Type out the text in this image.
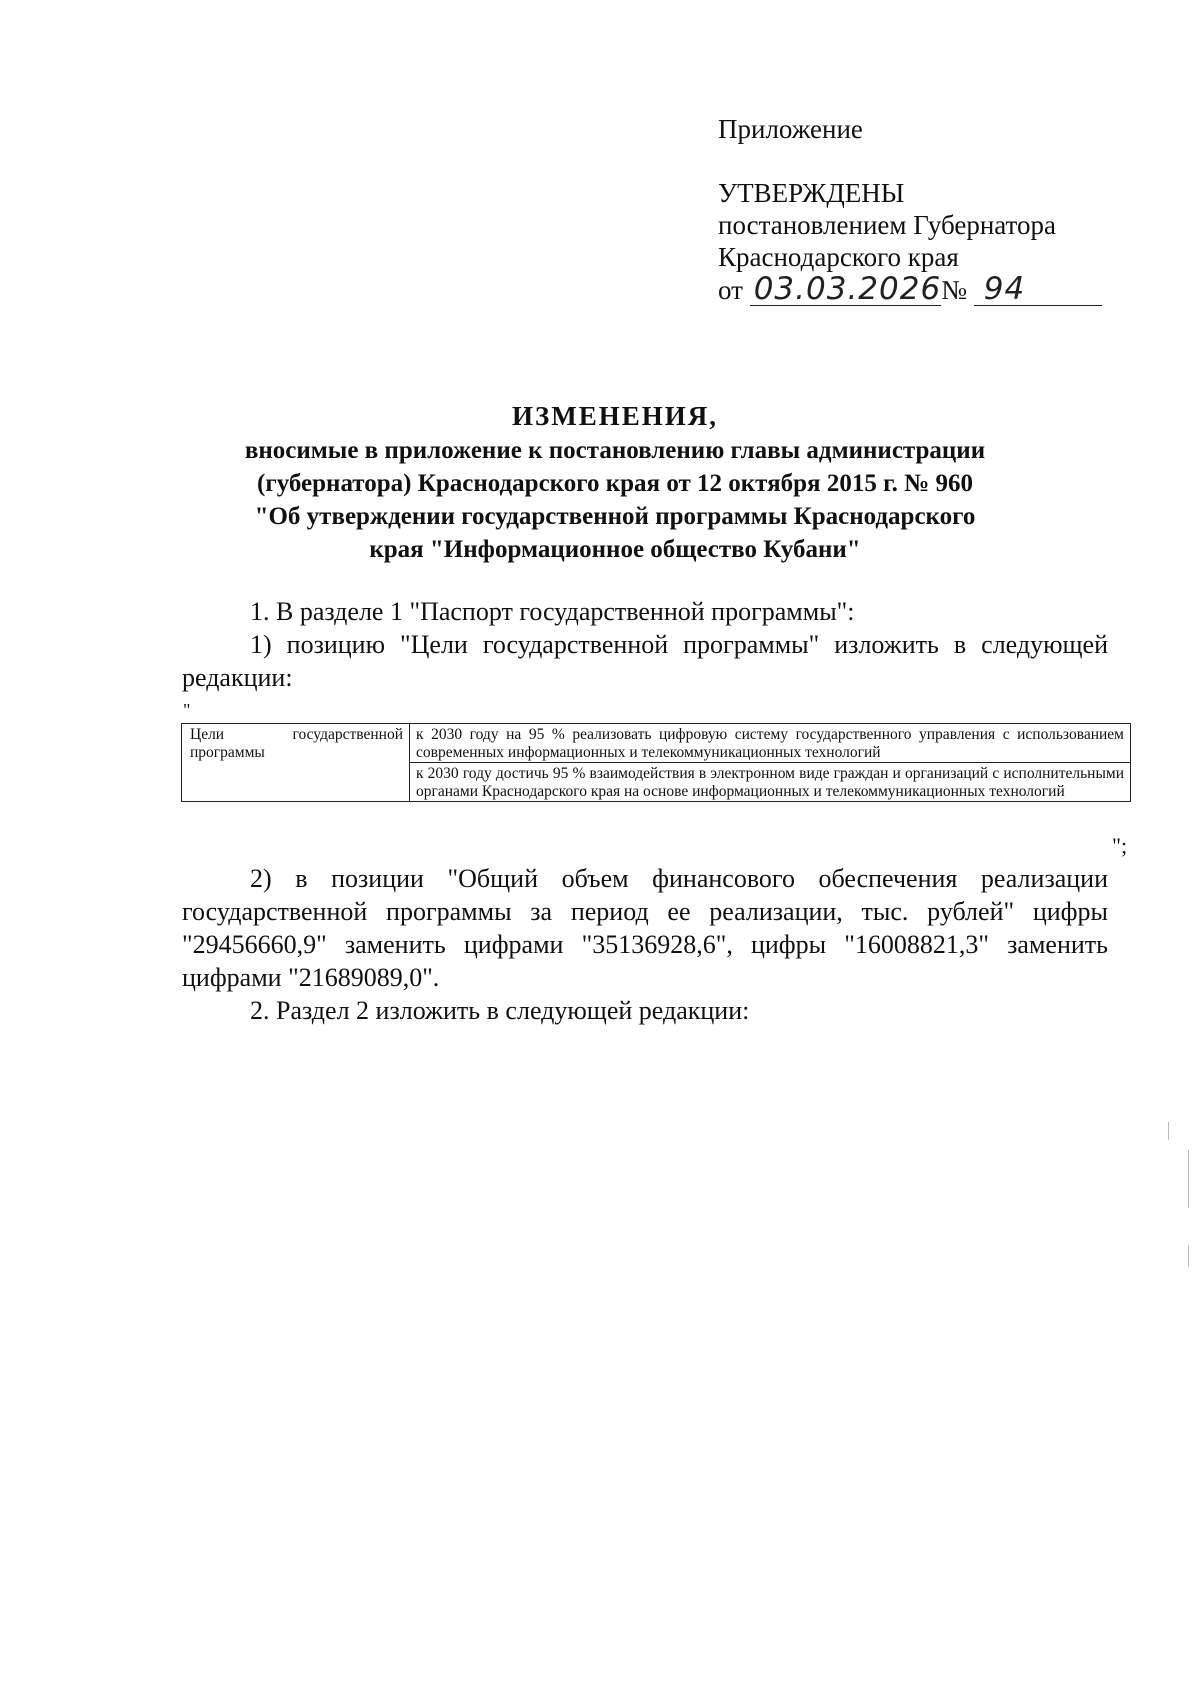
Приложение
УТВЕРЖДЕНЫ
постановлением Губернатора
Краснодарского края
от 03.03.2026№ 94
ИЗМЕНЕНИЯ,
вносимые в приложение к постановлению главы администрации
(губернатора) Краснодарского края от 12 октября 2015 г. № 960
"Об утверждении государственной программы Краснодарского
края "Информационное общество Кубани"
1. В разделе 1 "Паспорт государственной программы":
1) позицию "Цели государственной программы" изложить в следующей редакции:
"
Цели государственной программы	к 2030 году на 95 % реализовать цифровую систему государственного управления с использованием современных информационных и телекоммуникационных технологий
к 2030 году достичь 95 % взаимодействия в электронном виде граждан и организаций с исполнительными органами Краснодарского края на основе информационных и телекоммуникационных технологий
";
2) в позиции "Общий объем финансового обеспечения реализации государственной программы за период ее реализации, тыс. рублей" цифры "29456660,9" заменить цифрами "35136928,6", цифры "16008821,3" заменить цифрами "21689089,0".
2. Раздел 2 изложить в следующей редакции:
